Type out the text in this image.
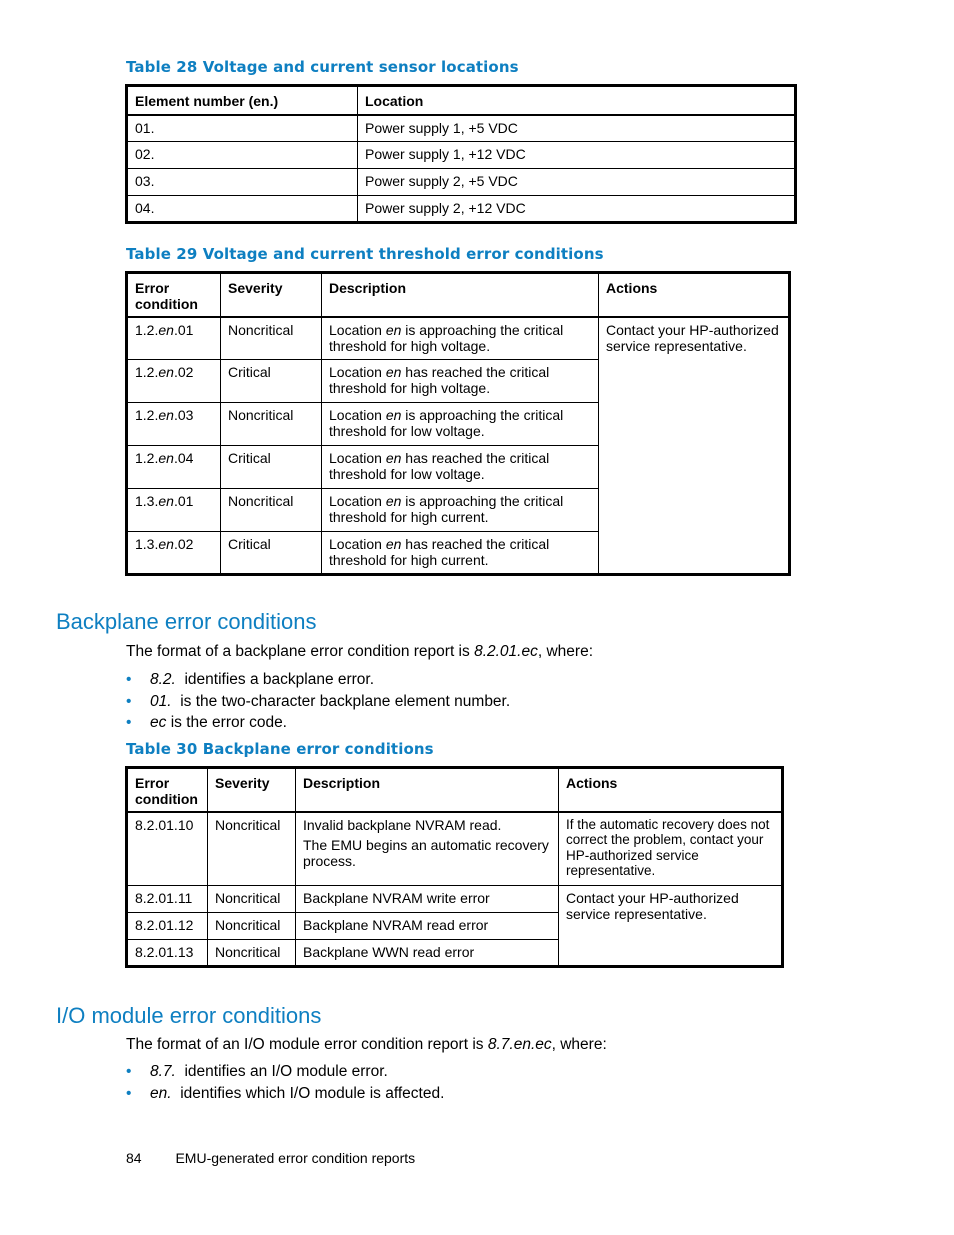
Table 28 Voltage and current sensor locations
Element number (en.)	Location
01.	Power supply 1, +5 VDC
02.	Power supply 1, +12 VDC
03.	Power supply 2, +5 VDC
04.	Power supply 2, +12 VDC
Table 29 Voltage and current threshold error conditions
Error condition	Severity	Description	Actions
1.2.en.01	Noncritical	Location en is approaching the critical threshold for high voltage.	Contact your HP-authorized service representative.
1.2.en.02	Critical	Location en has reached the critical threshold for high voltage.	
1.2.en.03	Noncritical	Location en is approaching the critical threshold for low voltage.	
1.2.en.04	Critical	Location en has reached the critical threshold for low voltage.	
1.3.en.01	Noncritical	Location en is approaching the critical threshold for high current.	
1.3.en.02	Critical	Location en has reached the critical threshold for high current.	
Backplane error conditions

The format of a backplane error condition report is 8.2.01.ec, where:

• 8.2. identifies a backplane error.
• 01. is the two-character backplane element number.
• ec is the error code.
Table 30 Backplane error conditions
Error condition	Severity	Description	Actions
8.2.01.10	Noncritical	Invalid backplane NVRAM read.

The EMU begins an automatic recovery process.	If the automatic recovery does not correct the problem, contact your HP-authorized service representative.
8.2.01.11	Noncritical	Backplane NVRAM write error	Contact your HP-authorized service representative.
8.2.01.12	Noncritical	Backplane NVRAM read error	
8.2.01.13	Noncritical	Backplane WWN read error	
I/O module error conditions

The format of an I/O module error condition report is 8.7.en.ec, where:

• 8.7. identifies an I/O module error.
• en. identifies which I/O module is affected.
84 EMU-generated error condition reports
